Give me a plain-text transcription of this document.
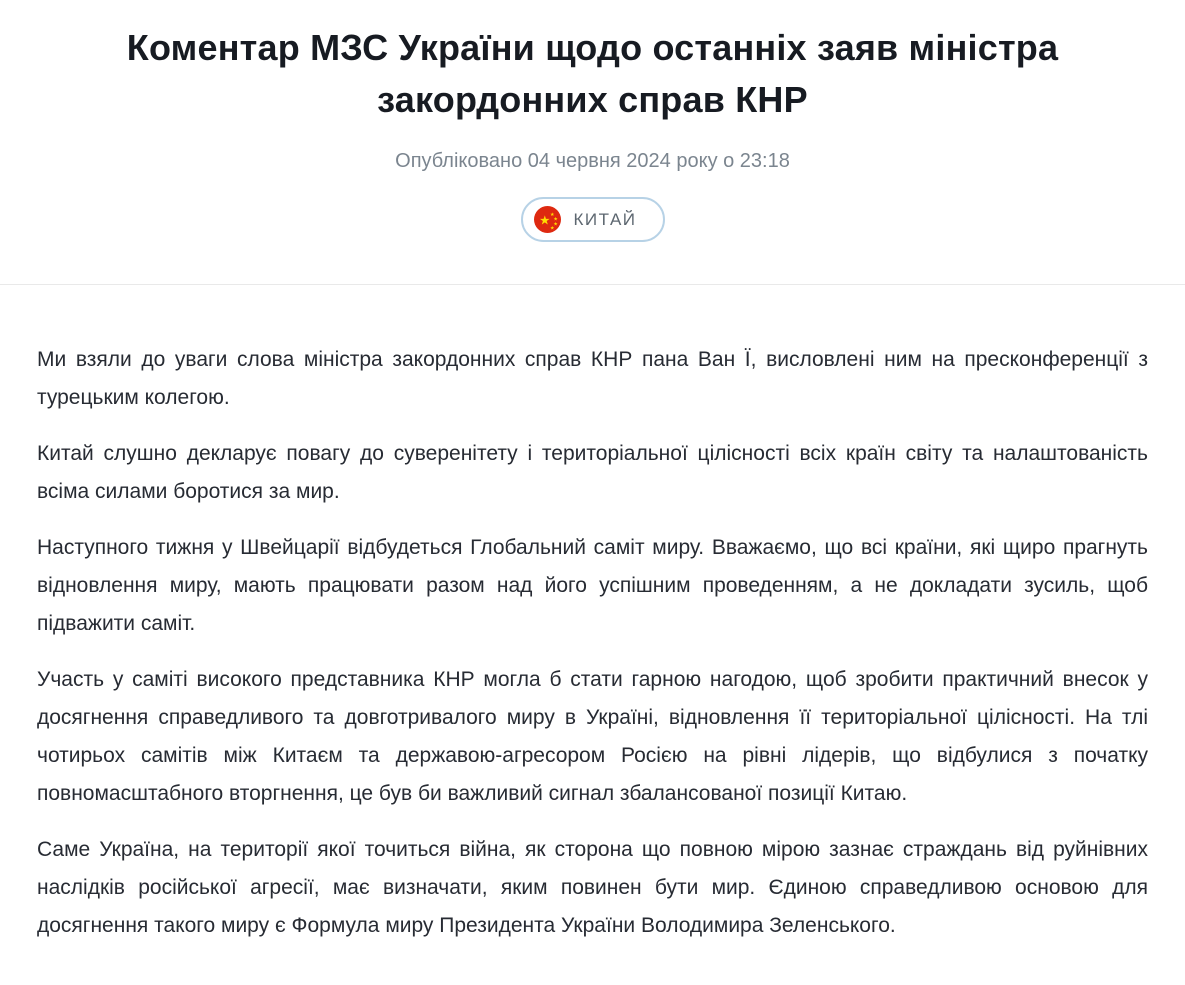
Коментар МЗС України щодо останніх заяв міністра закордонних справ КНР
Опубліковано 04 червня 2024 року о 23:18
★ ★
★
★
★
КИТАЙ

Ми взяли до уваги слова міністра закордонних справ КНР пана Ван Ї, висловлені ним на пресконференції з турецьким колегою.

Китай слушно декларує повагу до суверенітету і територіальної цілісності всіх країн світу та налаштованість всіма силами боротися за мир.

Наступного тижня у Швейцарії відбудеться Глобальний саміт миру. Вважаємо, що всі країни, які щиро прагнуть відновлення миру, мають працювати разом над його успішним проведенням, а не докладати зусиль, щоб підважити саміт.

Участь у саміті високого представника КНР могла б стати гарною нагодою, щоб зробити практичний внесок у досягнення справедливого та довготривалого миру в Україні, відновлення її територіальної цілісності. На тлі чотирьох самітів між Китаєм та державою-агресором Росією на рівні лідерів, що відбулися з початку повномасштабного вторгнення, це був би важливий сигнал збалансованої позиції Китаю.

Саме Україна, на території якої точиться війна, як сторона що повною мірою зазнає страждань від руйнівних наслідків російської агресії, має визначати, яким повинен бути мир. Єдиною справедливою основою для досягнення такого миру є Формула миру Президента України Володимира Зеленського.
